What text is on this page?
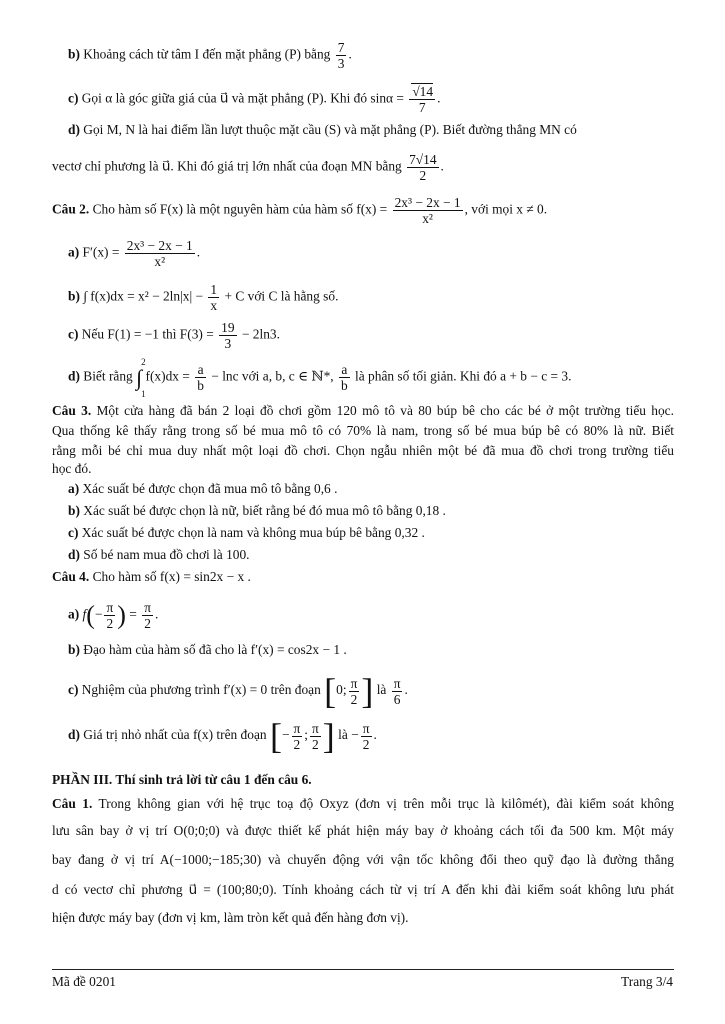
b) Khoảng cách từ tâm I đến mặt phẳng (P) bằng $\frac{7}{3}$ .
c) Gọi α là góc giữa giá của u⃗ và mặt phẳng (P). Khi đó $\sin\alpha = \frac{√14}{7}$ .
d) Gọi M, N là hai điểm lần lượt thuộc mặt cầu (S) và mặt phẳng (P). Biết đường thẳng MN có
vectơ chỉ phương là u⃗. Khi đó giá trị lớn nhất của đoạn MN bằng $\frac{7√14}{2}$ .
Câu 2. Cho hàm số F(x) là một nguyên hàm của hàm số $f(x) = \frac{\text{2x³ − 2x − 1}}{\text{x²}}$ , với mọi x ≠ 0.
a) $F'(x) = \frac{\text{2x³ − 2x − 1}}{\text{x²}}$ .
b) ∫ $f(x)dx = x^2 - 2\ln|x| - \frac{1}{x} + C$ với C là hằng số.
c) Nếu F(1) = −1 thì $F(3) = \frac{19}{3} - 2\ln 3$.
d) Biết rằng ∫
2
1
$f(x)dx = \frac{a}{b} - \ln c$ với a, b, c ∈ ℕ*, $\frac{a}{b}$ là phân số tối giản. Khi đó a + b − c = 3.
Câu 3. Một cửa hàng đã bán 2 loại đồ chơi gồm 120 mô tô và 80 búp bê cho các bé ở một trường tiểu học.
Qua thống kê thấy rằng trong số bé mua mô tô có 70% là nam, trong số bé mua búp bê có 80% là nữ. Biết
rằng mỗi bé chỉ mua duy nhất một loại đồ chơi. Chọn ngẫu nhiên một bé đã mua đồ chơi trong trường tiểu
học đó.
a) Xác suất bé được chọn đã mua mô tô bằng 0,6 .
b) Xác suất bé được chọn là nữ, biết rằng bé đó mua mô tô bằng 0,18 .
c) Xác suất bé được chọn là nam và không mua búp bê bằng 0,32 .
d) Số bé nam mua đồ chơi là 100.
Câu 4. Cho hàm số f(x) = sin2x − x .
a) $f(- \frac{\pi}{2}$ ) = $\frac{\pi}{2}$ .
b) Đạo hàm của hàm số đã cho là f′(x) = cos2x − 1 .
c) Nghiệm của phương trình f′(x) = 0 trên đoạn [0; $\frac{\pi}{2}$ ] là $\frac{\pi}{6}$ .
d) Giá trị nhỏ nhất của f(x) trên đoạn [− $\frac{\pi}{2}$ ; $\frac{\pi}{2}$ ] là − $\frac{\pi}{2}$ .
PHẦN III. Thí sinh trả lời từ câu 1 đến câu 6.
Câu 1. Trong không gian với hệ trục toạ độ Oxyz (đơn vị trên mỗi trục là kilômét), đài kiểm soát không
lưu sân bay ở vị trí O(0;0;0) và được thiết kế phát hiện máy bay ở khoảng cách tối đa 500 km. Một máy
bay đang ở vị trí A(−1000;−185;30) và chuyển động với vận tốc không đổi theo quỹ đạo là đường thẳng
d có vectơ chỉ phương u⃗ = (100;80;0). Tính khoảng cách từ vị trí A đến khi đài kiểm soát không lưu phát
hiện được máy bay (đơn vị km, làm tròn kết quả đến hàng đơn vị).
Mã đề 0201	Trang 3/4
